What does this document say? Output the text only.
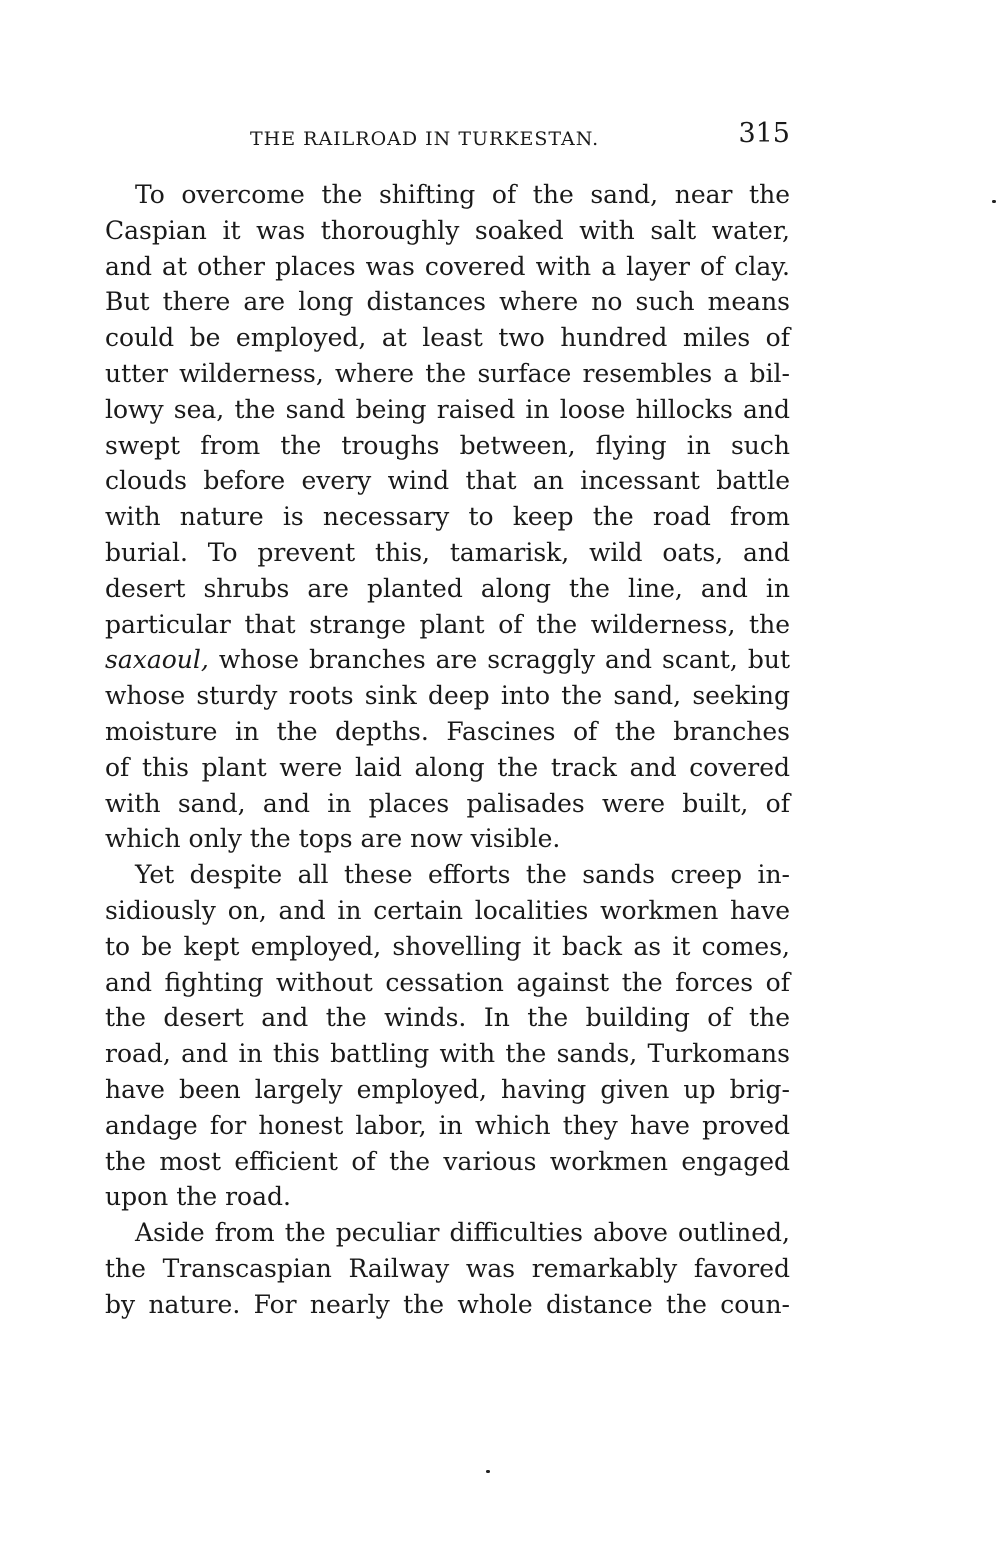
THE RAILROAD IN TURKESTAN.	315
To overcome the shifting of the sand, near the
Caspian it was thoroughly soaked with salt water,
and at other places was covered with a layer of clay.
But there are long distances where no such means
could be employed, at least two hundred miles of
utter wilderness, where the surface resembles a bil-
lowy sea, the sand being raised in loose hillocks and
swept from the troughs between, flying in such
clouds before every wind that an incessant battle
with nature is necessary to keep the road from
burial. To prevent this, tamarisk, wild oats, and
desert shrubs are planted along the line, and in
particular that strange plant of the wilderness, the
saxaoul, whose branches are scraggly and scant, but
whose sturdy roots sink deep into the sand, seeking
moisture in the depths. Fascines of the branches
of this plant were laid along the track and covered
with sand, and in places palisades were built, of
which only the tops are now visible.
Yet despite all these efforts the sands creep in-
sidiously on, and in certain localities workmen have
to be kept employed, shovelling it back as it comes,
and fighting without cessation against the forces of
the desert and the winds. In the building of the
road, and in this battling with the sands, Turkomans
have been largely employed, having given up brig-
andage for honest labor, in which they have proved
the most efficient of the various workmen engaged
upon the road.
Aside from the peculiar difficulties above outlined,
the Transcaspian Railway was remarkably favored
by nature. For nearly the whole distance the coun-
